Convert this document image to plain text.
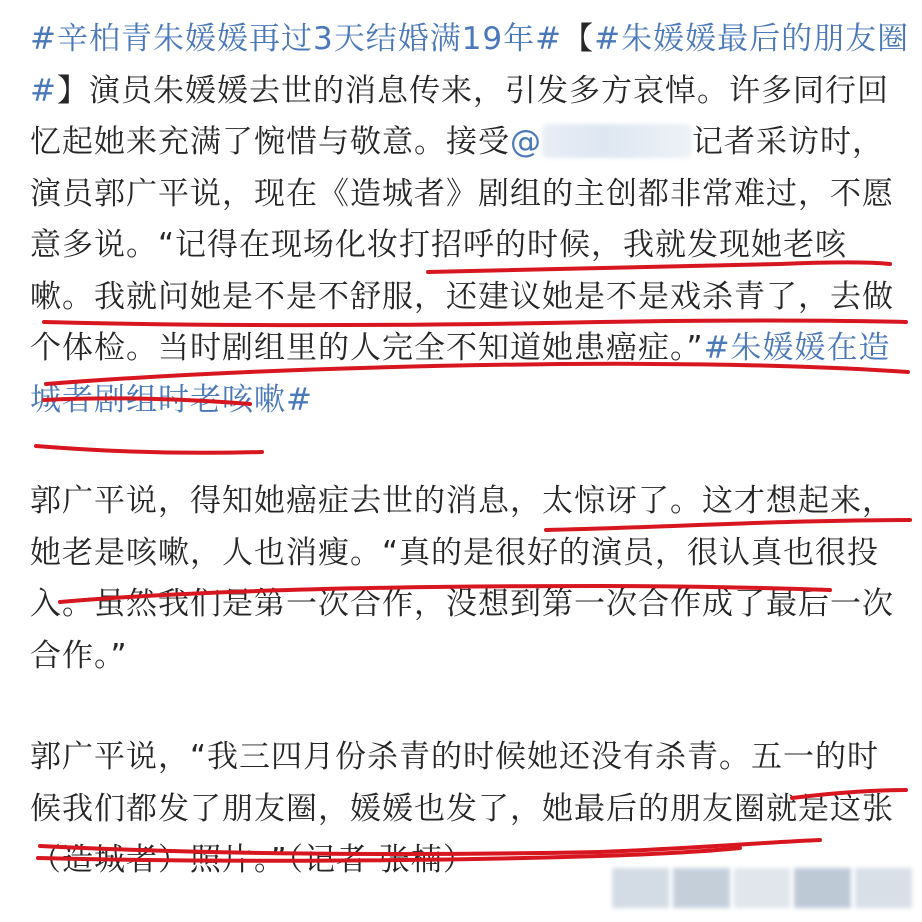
#辛柏青朱媛媛再过3天结婚满19年#【#朱媛媛最后的朋友圈#】演员朱媛媛去世的消息传来，引发多方哀悼。许多同行回忆起她来充满了惋惜与敬意。接受@	记者采访时，演员郭广平说，现在《造城者》剧组的主创都非常难过，不愿意多说。“记得在现场化妆打招呼的时候，我就发现她老咳嗽。我就问她是不是不舒服，还建议她是不是戏杀青了，去做个体检。当时剧组里的人完全不知道她患癌症。”#朱媛媛在造城者剧组时老咳嗽#

郭广平说，得知她癌症去世的消息，太惊讶了。这才想起来，她老是咳嗽，人也消瘦。“真的是很好的演员，很认真也很投入。虽然我们是第一次合作，没想到第一次合作成了最后一次合作。”

郭广平说，“我三四月份杀青的时候她还没有杀青。五一的时候我们都发了朋友圈，媛媛也发了，她最后的朋友圈就是这张（造城者）照片。”（记者 张楠）
